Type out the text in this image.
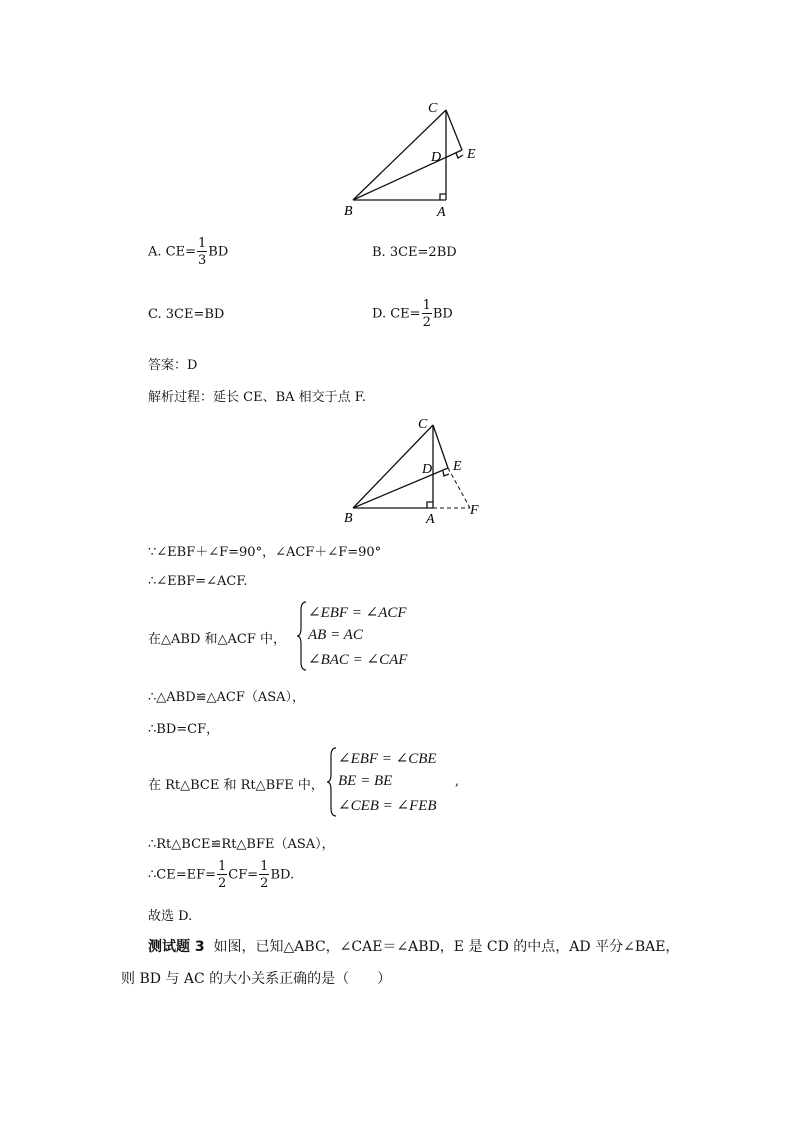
C
D E
B	A
A. $CE= \frac{1}{3}$ BD	B. 3CE=2BD
C. 3CE=BD	D. $CE= \frac{1}{2}$ BD
答案：D
解析过程：延长 CE、BA 相交于点 F.
C
D E
B	A
F
∵∠EBF＋∠F=90°，∠ACF＋∠F=90°
∴∠EBF=∠ACF.
在△ABD 和△ACF 中，
∠EBF = ∠ACF
AB = AC
∠BAC = ∠CAF
∴△ABD≌△ACF（ASA），
∴BD=CF，
在 Rt△BCE 和 Rt△BFE 中，
∠EBF = ∠CBE
BE = BE
∠CEB = ∠FEB
,
∴Rt△BCE≌Rt△BFE（ASA），
∴CE=EF= $\frac{1}{2} CF= \frac{1}{2}$ BD.
故选 D.
测试题 3 如图，已知△ABC，∠CAE＝∠ABD，E 是 CD 的中点，AD 平分∠BAE，
则 BD 与 AC 的大小关系正确的是（　　）
